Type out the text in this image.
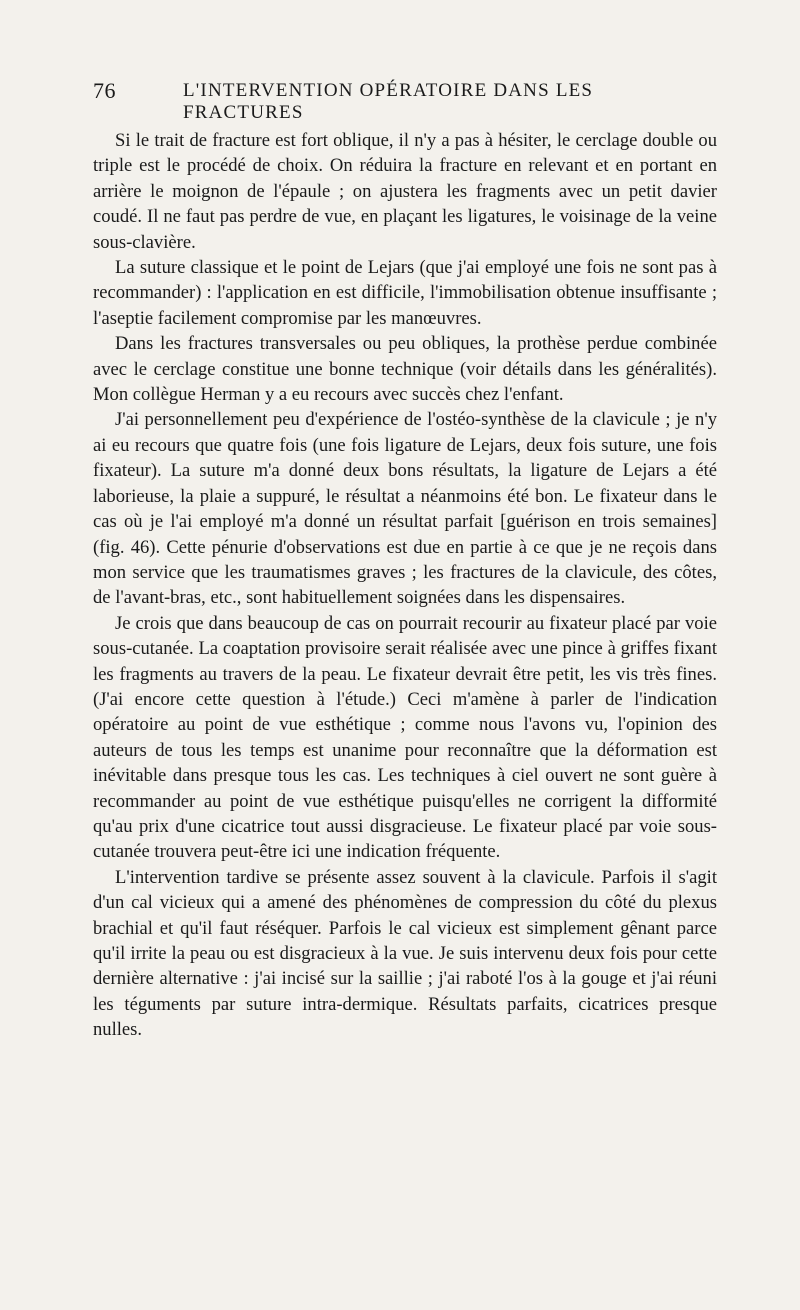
76	L'INTERVENTION OPÉRATOIRE DANS LES FRACTURES

Si le trait de fracture est fort oblique, il n'y a pas à hésiter, le cerclage double ou triple est le procédé de choix. On réduira la fracture en relevant et en portant en arrière le moignon de l'épaule ; on ajustera les fragments avec un petit davier coudé. Il ne faut pas perdre de vue, en plaçant les ligatures, le voisinage de la veine sous-clavière.

La suture classique et le point de Lejars (que j'ai employé une fois ne sont pas à recommander) : l'application en est difficile, l'immobilisation obtenue insuffisante ; l'aseptie facilement compromise par les manœuvres.

Dans les fractures transversales ou peu obliques, la prothèse perdue combinée avec le cerclage constitue une bonne technique (voir détails dans les généralités). Mon collègue Herman y a eu recours avec succès chez l'enfant.

J'ai personnellement peu d'expérience de l'ostéo-synthèse de la clavicule ; je n'y ai eu recours que quatre fois (une fois ligature de Lejars, deux fois suture, une fois fixateur). La suture m'a donné deux bons résultats, la ligature de Lejars a été laborieuse, la plaie a suppuré, le résultat a néanmoins été bon. Le fixateur dans le cas où je l'ai employé m'a donné un résultat parfait [guérison en trois semaines] (fig. 46). Cette pénurie d'observations est due en partie à ce que je ne reçois dans mon service que les traumatismes graves ; les fractures de la clavicule, des côtes, de l'avant-bras, etc., sont habituellement soignées dans les dispensaires.

Je crois que dans beaucoup de cas on pourrait recourir au fixateur placé par voie sous-cutanée. La coaptation provisoire serait réalisée avec une pince à griffes fixant les fragments au travers de la peau. Le fixateur devrait être petit, les vis très fines. (J'ai encore cette question à l'étude.) Ceci m'amène à parler de l'indication opératoire au point de vue esthétique ; comme nous l'avons vu, l'opinion des auteurs de tous les temps est unanime pour reconnaître que la déformation est inévitable dans presque tous les cas. Les techniques à ciel ouvert ne sont guère à recommander au point de vue esthétique puisqu'elles ne corrigent la difformité qu'au prix d'une cicatrice tout aussi disgracieuse. Le fixateur placé par voie sous-cutanée trouvera peut-être ici une indication fréquente.

L'intervention tardive se présente assez souvent à la clavicule. Parfois il s'agit d'un cal vicieux qui a amené des phénomènes de compression du côté du plexus brachial et qu'il faut réséquer. Parfois le cal vicieux est simplement gênant parce qu'il irrite la peau ou est disgracieux à la vue. Je suis intervenu deux fois pour cette dernière alternative : j'ai incisé sur la saillie ; j'ai raboté l'os à la gouge et j'ai réuni les téguments par suture intra-dermique. Résultats parfaits, cicatrices presque nulles.
